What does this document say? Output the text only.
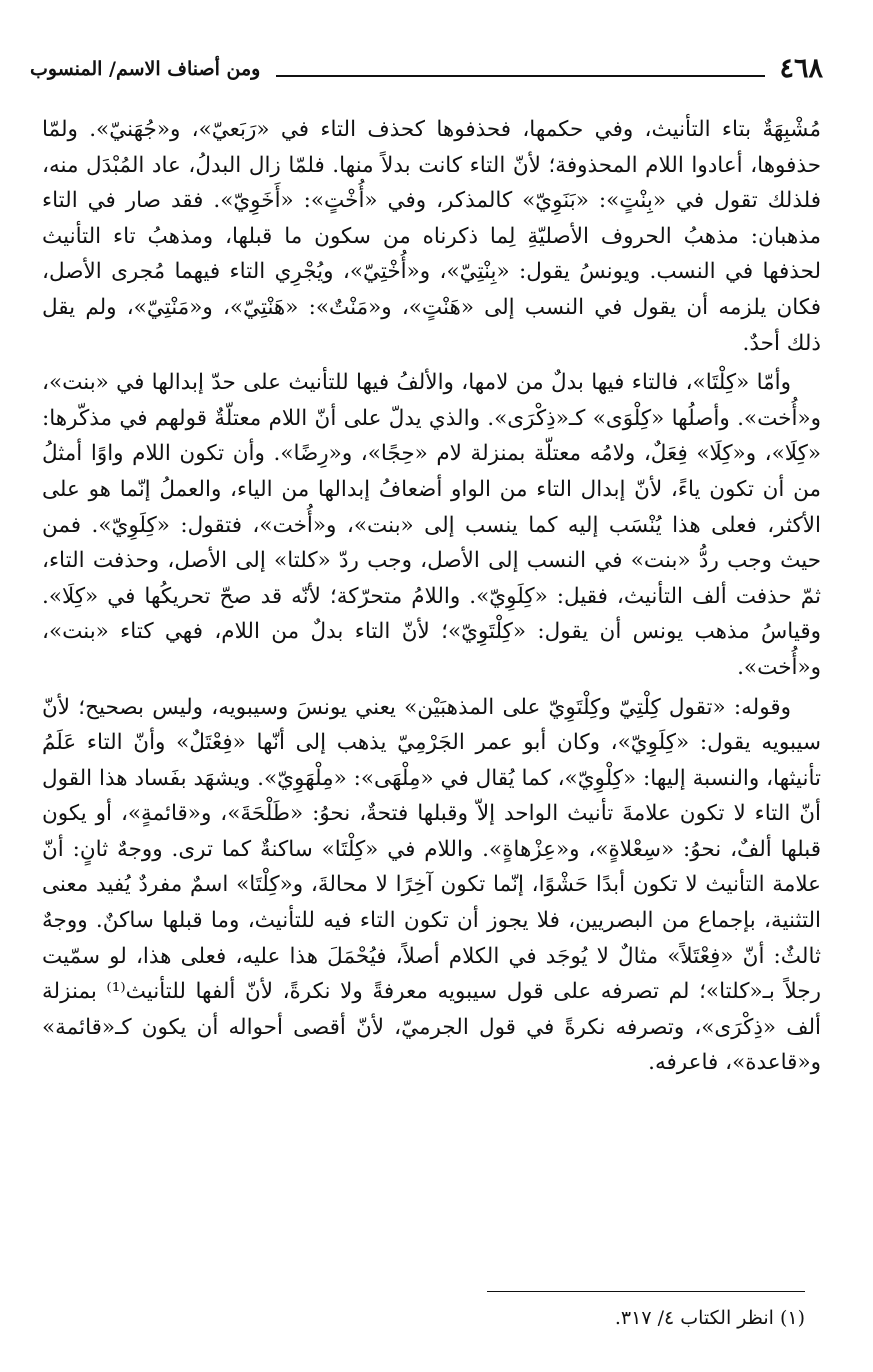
٤٦٨
ومن أصناف الاسم/ المنسوب

مُشْبِهَةٌ بتاء التأنيث، وفي حكمها، فحذفوها كحذف التاء في «رَبَعيّ»، و«جُهَنيّ». ولمّا حذفوها، أعادوا اللام المحذوفة؛ لأنّ التاء كانت بدلاً منها. فلمّا زال البدلُ، عاد المُبْدَل منه، فلذلك تقول في «بِنْتٍ»: «بَنَوِيّ» كالمذكر، وفي «أُخْتٍ»: «أَخَوِيّ». فقد صار في التاء مذهبان: مذهبُ الحروف الأصليّةِ لِما ذكرناه من سكون ما قبلها، ومذهبُ تاء التأنيث لحذفها في النسب. ويونسُ يقول: «بِنْتِيّ»، و«أُخْتِيّ»، ويُجْرِي التاء فيهما مُجرى الأصل، فكان يلزمه أن يقول في النسب إلى «هَنْتٍ»، و«مَنْتٌ»: «هَنْتِيّ»، و«مَنْتِيّ»، ولم يقل ذلك أحدٌ.

وأمّا «كِلْتَا»، فالتاء فيها بدلٌ من لامها، والألفُ فيها للتأنيث على حدّ إبدالها في «بنت»، و«أُخت». وأصلُها «كِلْوَى» كـ«ذِكْرَى». والذي يدلّ على أنّ اللام معتلّةٌ قولهم في مذكّرها: «كِلَا»، و«كِلَا» فِعَلٌ، ولامُه معتلّة بمنزلة لام «حِجًا»، و«رِضًا». وأن تكون اللام واوًا أمثلُ من أن تكون ياءً، لأنّ إبدال التاء من الواو أضعافُ إبدالها من الياء، والعملُ إنّما هو على الأكثر، فعلى هذا يُنْسَب إليه كما ينسب إلى «بنت»، و«أُخت»، فتقول: «كِلَوِيّ». فمن حيث وجب ردُّ «بنت» في النسب إلى الأصل، وجب ردّ «كلتا» إلى الأصل، وحذفت التاء، ثمّ حذفت ألف التأنيث، فقيل: «كِلَوِيّ». واللامُ متحرّكة؛ لأنّه قد صحّ تحريكُها في «كِلَا». وقياسُ مذهب يونس أن يقول: «كِلْتَوِيّ»؛ لأنّ التاء بدلٌ من اللام، فهي كتاء «بنت»، و«أُخت».

وقوله: «تقول كِلْتِيّ وكِلْتَوِيّ على المذهبَيْن» يعني يونسَ وسيبويه، وليس بصحيح؛ لأنّ سيبويه يقول: «كِلَوِيّ»، وكان أبو عمر الجَرْمِيّ يذهب إلى أنّها «فِعْتَلٌ» وأنّ التاء عَلَمُ تأنيثها، والنسبة إليها: «كِلْوِيّ»، كما يُقال في «مِلْهَى»: «مِلْهَوِيّ». ويشهَد بفَساد هذا القول أنّ التاء لا تكون علامةَ تأنيث الواحد إلاّ وقبلها فتحةٌ، نحوُ: «طَلْحَةَ»، و«قائمةٍ»، أو يكون قبلها ألفٌ، نحوُ: «سِعْلاةٍ»، و«عِزْهاةٍ». واللام في «كِلْتَا» ساكنةٌ كما ترى. ووجهٌ ثانٍ: أنّ علامة التأنيث لا تكون أبدًا حَشْوًا، إنّما تكون آخِرًا لا محالةَ، و«كِلْتَا» اسمٌ مفردٌ يُفيد معنى التثنية، بإجماع من البصريين، فلا يجوز أن تكون التاء فيه للتأنيث، وما قبلها ساكنٌ. ووجهٌ ثالثٌ: أنّ «فِعْتَلاً» مثالٌ لا يُوجَد في الكلام أصلاً، فيُحْمَلَ هذا عليه، فعلى هذا، لو سمّيت رجلاً بـ«كلتا»؛ لم تصرفه على قول سيبويه معرفةً ولا نكرةً، لأنّ ألفها للتأنيث⁽¹⁾ بمنزلة ألف «ذِكْرَى»، وتصرفه نكرةً في قول الجرميّ، لأنّ أقصى أحواله أن يكون كـ«قائمة» و«قاعدة»، فاعرفه.

(١) انظر الكتاب ٤/ ٣١٧.
